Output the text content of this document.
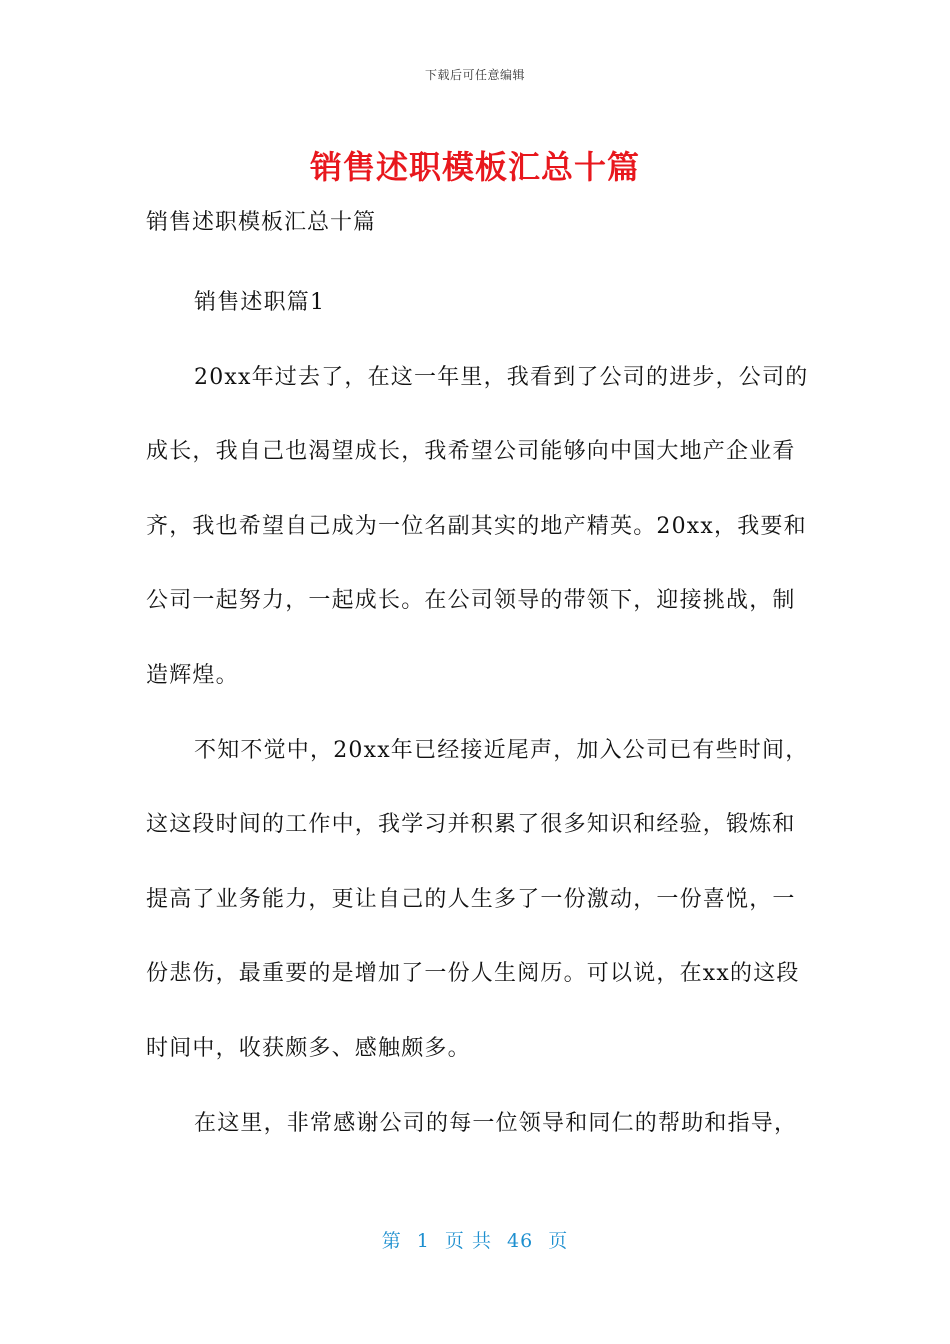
下载后可任意编辑
销售述职模板汇总十篇
销售述职模板汇总十篇

销售述职篇1

20xx年过去了，在这一年里，我看到了公司的进步，公司的成长，我自己也渴望成长，我希望公司能够向中国大地产企业看齐，我也希望自己成为一位名副其实的地产精英。20xx，我要和公司一起努力，一起成长。在公司领导的带领下，迎接挑战，制造辉煌。

不知不觉中，20xx年已经接近尾声，加入公司已有些时间，这这段时间的工作中，我学习并积累了很多知识和经验，锻炼和提高了业务能力，更让自己的人生多了一份激动，一份喜悦，一份悲伤，最重要的是增加了一份人生阅历。可以说，在xx的这段时间中，收获颇多、感触颇多。

在这里，非常感谢公司的每一位领导和同仁的帮助和指导，

第 1 页 共 46 页
